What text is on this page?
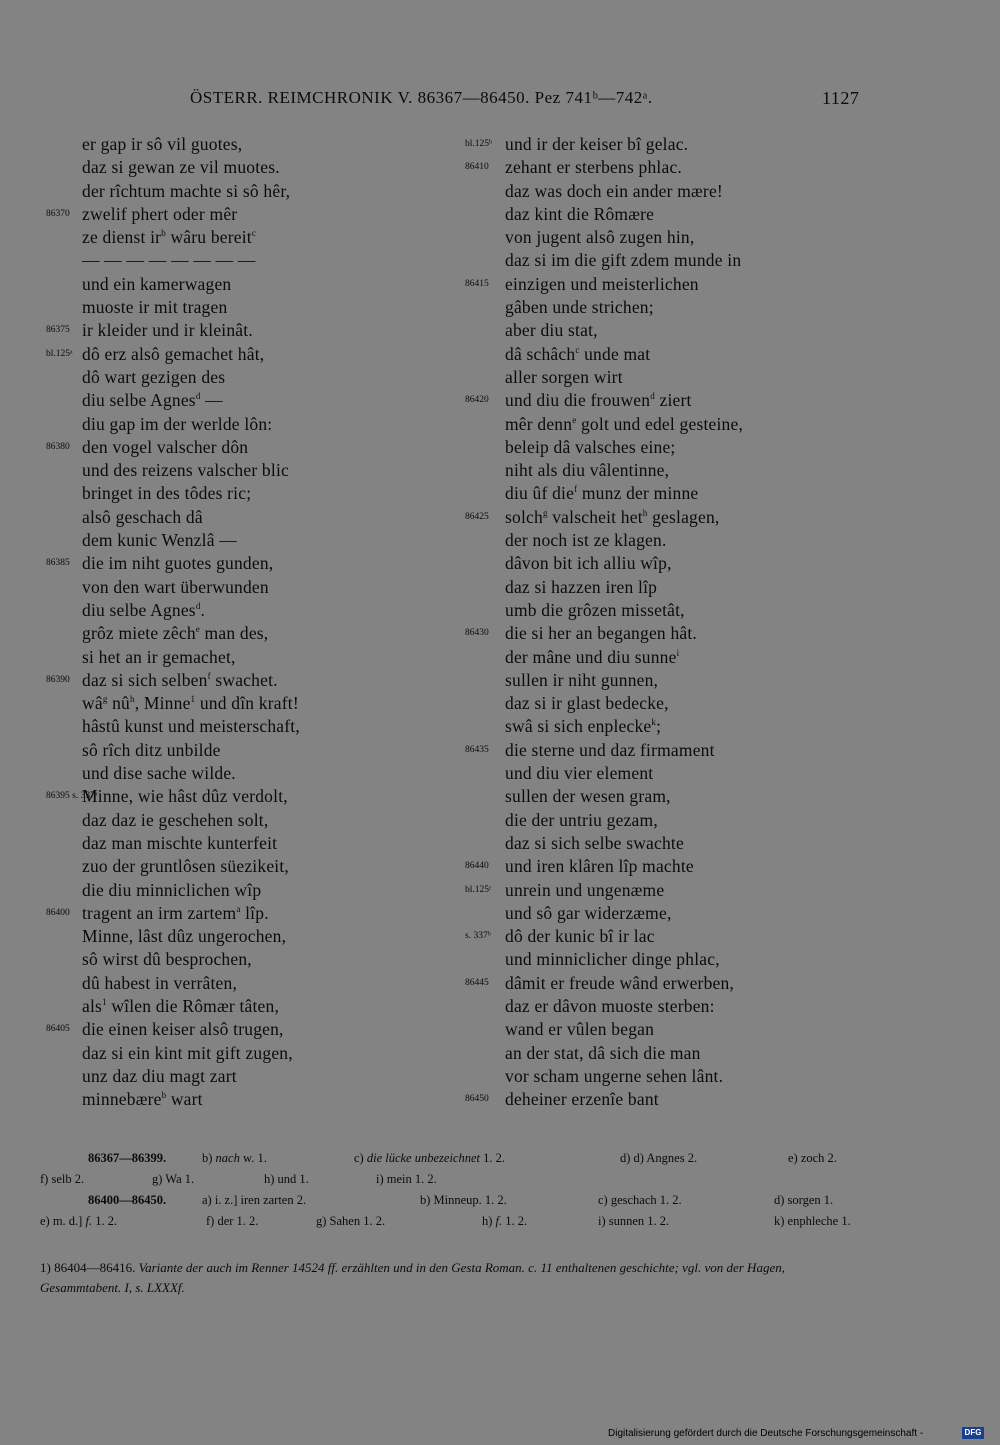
ÖSTERR. REIMCHRONIK V. 86367—86450. Pez 741ᵇ—742ᵃ.	1127
er gap ir sô vil guotes,
daz si gewan ze vil muotes.
der rîchtum machte si sô hêr,
86370 zwelif phert oder mêr
ze dienst $ir^b$ wâru bereit$^c$
— — — — — — — —
und ein kamerwagen
muoste ir mit tragen
86375 ir kleider und ir kleinât.
bl.125ᵃ dô erz alsô gemachet hât,
dô wart gezigen des
diu selbe Agnes$^d$ —
diu gap im der werlde lôn:
86380 den vogel valscher dôn
und des reizens valscher blic
bringet in des tôdes ric;
alsô geschach dâ
dem kunic Wenzlâ —
86385 die im niht guotes gunden,
von den wart überwunden
diu selbe Agnes$^d$.
grôz miete zêch$^e$ man des,
si het an ir gemachet,
86390 daz si sich selben$^f$ swachet.
$wâ^g$ $nû^h$, Minne$^1$ und dîn kraft!
hâstû kunst und meisterschaft,
sô rîch ditz unbilde
und dise sache wilde.
86395 s. 337ᵃ
Minne, wie hâst dûz verdolt,
daz daz ie geschehen solt,
daz man mischte kunterfeit
zuo der gruntlôsen süezikeit,
die diu minniclichen wîp
86400 tragent an irm zartem$^a$ lîp.
Minne, lâst dûz ungerochen,
sô wirst dû besprochen,
dû habest in verrâten,
als$^1$ wîlen die Rômær tâten,
86405 die einen keiser alsô trugen,
daz si ein kint mit gift zugen,
unz daz diu magt zart
minnebære$^b$ wart
bl.125ᵇ und ir der keiser bî gelac.
86410 zehant er sterbens phlac.
daz was doch ein ander mære!
daz kint die Rômære
von jugent alsô zugen hin,
daz si im die gift zdem munde in
86415 einzigen und meisterlichen
gâben unde strichen;
aber diu stat,
dâ schâch$^c$ unde mat
aller sorgen wirt
86420 und diu die frouwen$^d$ ziert
mêr denn$^e$ golt und edel gesteine,
beleip dâ valsches eine;
niht als diu vâlentinne,
diu ûf die$^f$ munz der minne
86425 solch$^g$ valscheit het$^h$ geslagen,
der noch ist ze klagen.
dâvon bit ich alliu wîp,
daz si hazzen iren lîp
umb die grôzen missetât,
86430 die si her an begangen hât.
der mâne und diu sunne$^i$
sullen ir niht gunnen,
daz si ir glast bedecke,
swâ si sich enplecke$^k$;
86435 die sterne und daz firmament
und diu vier element
sullen der wesen gram,
die der untriu gezam,
daz si sich selbe swachte
86440 und iren klâren lîp machte
bl.125ᶜ unrein und ungenæme
und sô gar widerzæme,
s. 337ᵇ dô der kunic bî ir lac
und minniclicher dinge phlac,
86445 dâmit er freude wând erwerben,
daz er dâvon muoste sterben:
wand er vûlen began
an der stat, dâ sich die man
vor scham ungerne sehen lânt.
86450 deheiner erzenîe bant
86367—86399.	b) nach w. 1.	c) die lücke unbezeichnet 1. 2.	d) d) Angnes 2.	e) zoch 2.
f) selb 2.	g) Wa 1.	h) und 1.	i) mein 1. 2.
86400—86450.	a) i. z.] iren zarten 2.	b) Minneup. 1. 2.	c) geschach 1. 2.	d) sorgen 1.
e) m. d.] f. 1. 2.	f) der 1. 2.	g) Sahen 1. 2.	h) f. 1. 2.	i) sunnen 1. 2.	k) enphleche 1.
1) 86404—86416. Variante der auch im Renner 14524 ff. erzählten und in den Gesta Roman. c. 11 enthaltenen geschichte; vgl. von der Hagen, Gesammtabent. I, s. LXXXf.
Digitalisierung gefördert durch die Deutsche Forschungsgemeinschaft -	DFG
